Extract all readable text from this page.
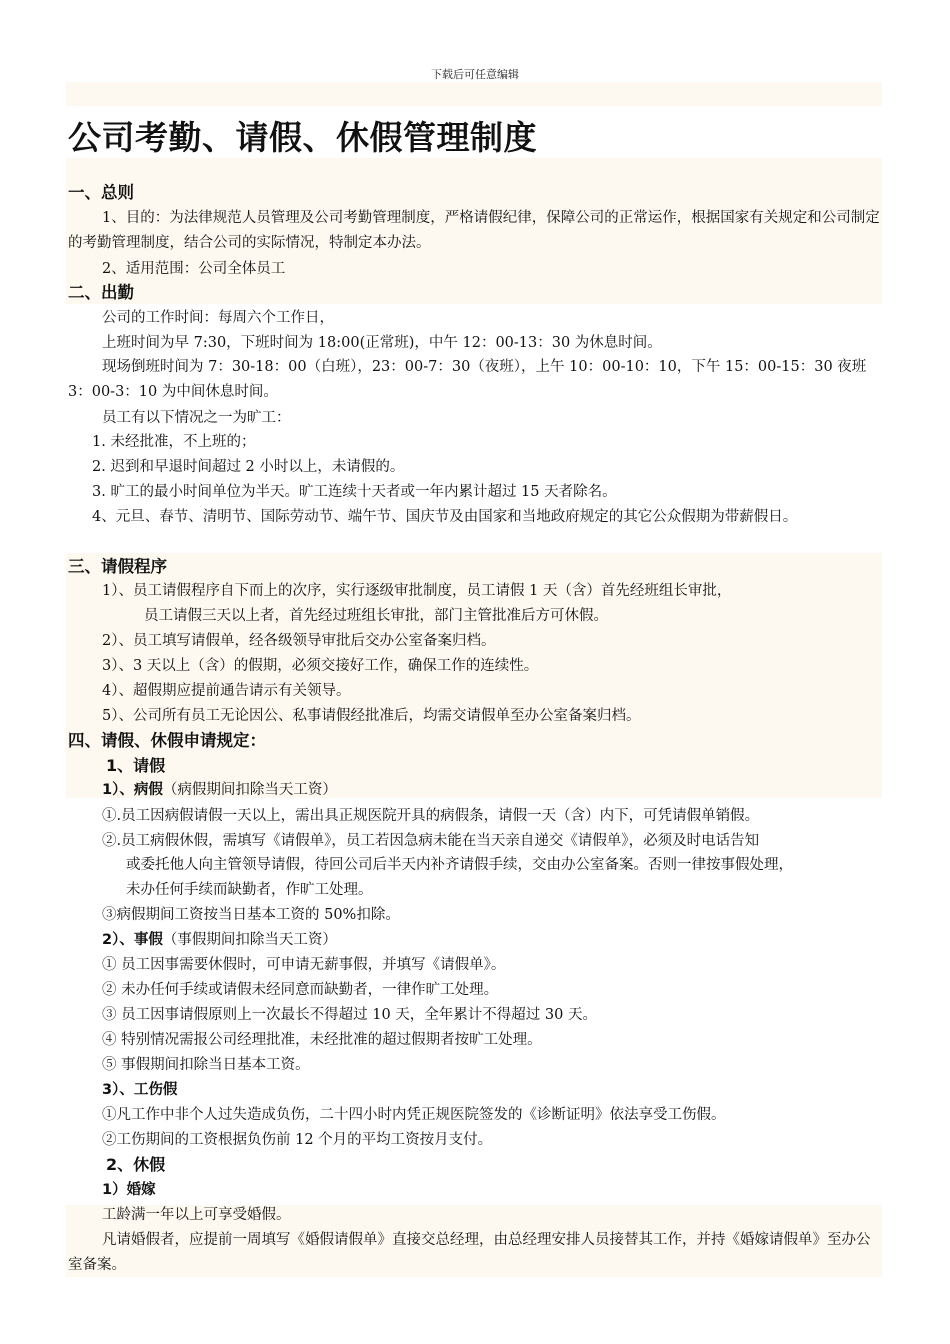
下载后可任意编辑
公司考勤、请假、休假管理制度
一、总则
1、目的：为法律规范人员管理及公司考勤管理制度，严格请假纪律，保障公司的正常运作，根据国家有关规定和公司制定的考勤管理制度，结合公司的实际情况，特制定本办法。
2、适用范围：公司全体员工
二、出勤
公司的工作时间：每周六个工作日，
上班时间为早 7:30，下班时间为 18:00(正常班)，中午 12：00-13：30 为休息时间。
现场倒班时间为 7：30-18：00（白班），23：00-7：30（夜班），上午 10：00-10：10，下午 15：00-15：30 夜班 3：00-3：10 为中间休息时间。
员工有以下情况之一为旷工：
1. 未经批准，不上班的；
2. 迟到和早退时间超过 2 小时以上，未请假的。
3. 旷工的最小时间单位为半天。旷工连续十天者或一年内累计超过 15 天者除名。
4、元旦、春节、清明节、国际劳动节、端午节、国庆节及由国家和当地政府规定的其它公众假期为带薪假日。
三、请假程序
1）、员工请假程序自下而上的次序，实行逐级审批制度，员工请假 1 天（含）首先经班组长审批，
员工请假三天以上者，首先经过班组长审批，部门主管批准后方可休假。
2）、员工填写请假单，经各级领导审批后交办公室备案归档。
3）、3 天以上（含）的假期，必须交接好工作，确保工作的连续性。
4）、超假期应提前通告请示有关领导。
5）、公司所有员工无论因公、私事请假经批准后，均需交请假单至办公室备案归档。
四、请假、休假申请规定：
1、请假
1）、病假（病假期间扣除当天工资）
①.员工因病假请假一天以上，需出具正规医院开具的病假条，请假一天（含）内下，可凭请假单销假。
②.员工病假休假，需填写《请假单》，员工若因急病未能在当天亲自递交《请假单》，必须及时电话告知
或委托他人向主管领导请假，待回公司后半天内补齐请假手续，交由办公室备案。否则一律按事假处理，
未办任何手续而缺勤者，作旷工处理。
③病假期间工资按当日基本工资的 50%扣除。
2）、事假（事假期间扣除当天工资）
① 员工因事需要休假时，可申请无薪事假，并填写《请假单》。
② 未办任何手续或请假未经同意而缺勤者，一律作旷工处理。
③ 员工因事请假原则上一次最长不得超过 10 天，全年累计不得超过 30 天。
④ 特别情况需报公司经理批准，未经批准的超过假期者按旷工处理。
⑤ 事假期间扣除当日基本工资。
3）、工伤假
①凡工作中非个人过失造成负伤，二十四小时内凭正规医院签发的《诊断证明》依法享受工伤假。
②工伤期间的工资根据负伤前 12 个月的平均工资按月支付。
2、休假
1）婚嫁
工龄满一年以上可享受婚假。
凡请婚假者，应提前一周填写《婚假请假单》直接交总经理，由总经理安排人员接替其工作，并持《婚嫁请假单》至办公室备案。
